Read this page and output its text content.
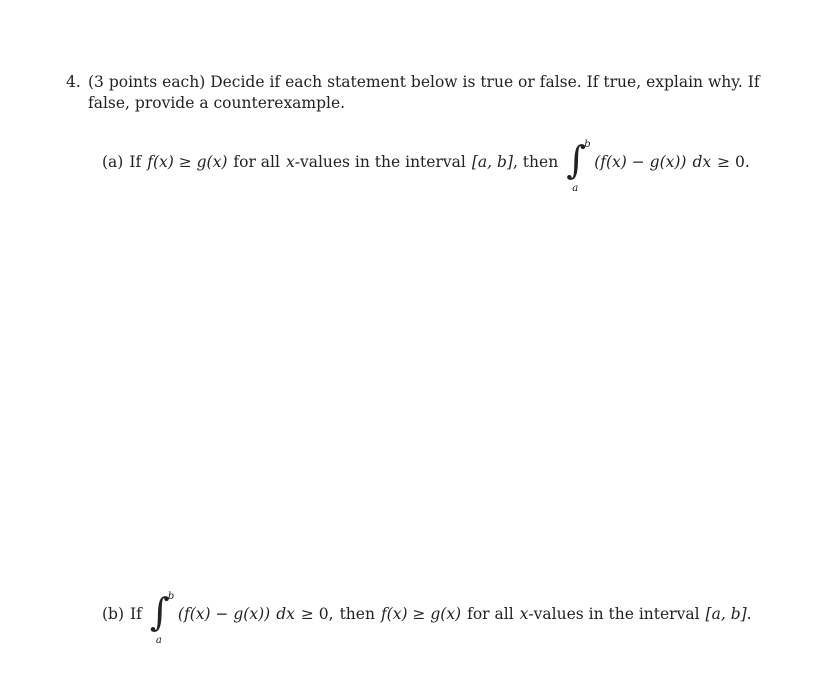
4. (3 points each) Decide if each statement below is true or false. If true, explain why. If
false, provide a counterexample.
(a) If f(x) ≥ g(x) for all x -values in the interval [a, b] , then ∫
b
a
(f(x) − g(x)) dx ≥ 0.
(b) If ∫
b
a
(f(x) − g(x)) dx ≥ 0, then f(x) ≥ g(x) for all x -values in the interval [a, b] .
